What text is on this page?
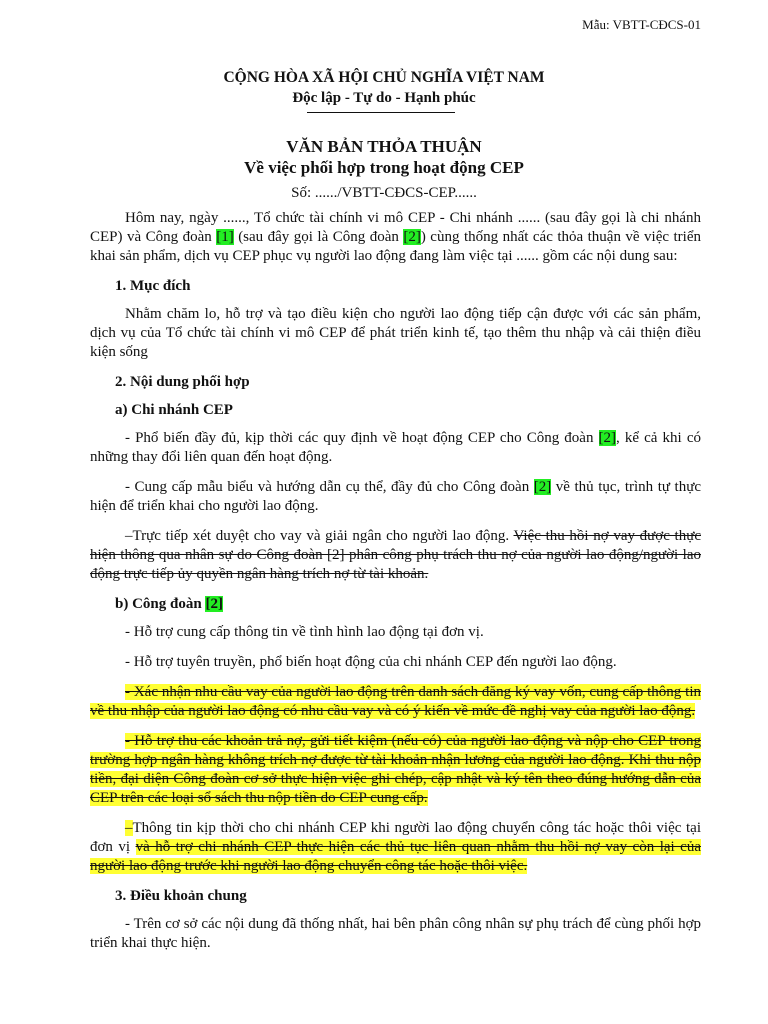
Mẫu: VBTT-CĐCS-01
CỘNG HÒA XÃ HỘI CHỦ NGHĨA VIỆT NAM
Độc lập - Tự do - Hạnh phúc
VĂN BẢN THỎA THUẬN
Về việc phối hợp trong hoạt động CEP
Số: ....../VBTT-CĐCS-CEP......

Hôm nay, ngày ......, Tổ chức tài chính vi mô CEP - Chi nhánh ...... (sau đây gọi là chi nhánh CEP) và Công đoàn [1] (sau đây gọi là Công đoàn [2]) cùng thống nhất các thỏa thuận về việc triển khai sản phẩm, dịch vụ CEP phục vụ người lao động đang làm việc tại ...... gồm các nội dung sau:

1. Mục đích

Nhằm chăm lo, hỗ trợ và tạo điều kiện cho người lao động tiếp cận được với các sản phẩm, dịch vụ của Tổ chức tài chính vi mô CEP để phát triển kinh tế, tạo thêm thu nhập và cải thiện điều kiện sống

2. Nội dung phối hợp
a) Chi nhánh CEP

- Phổ biến đầy đủ, kịp thời các quy định về hoạt động CEP cho Công đoàn [2], kể cả khi có những thay đổi liên quan đến hoạt động.

- Cung cấp mẫu biểu và hướng dẫn cụ thể, đầy đủ cho Công đoàn [2] về thủ tục, trình tự thực hiện để triển khai cho người lao động.

–Trực tiếp xét duyệt cho vay và giải ngân cho người lao động. Việc thu hồi nợ vay được thực hiện thông qua nhân sự do Công đoàn [2] phân công phụ trách thu nợ của người lao động/người lao động trực tiếp ủy quyền ngân hàng trích nợ từ tài khoản.

b) Công đoàn [2]

- Hỗ trợ cung cấp thông tin về tình hình lao động tại đơn vị.

- Hỗ trợ tuyên truyền, phổ biến hoạt động của chi nhánh CEP đến người lao động.

- Xác nhận nhu cầu vay của người lao động trên danh sách đăng ký vay vốn, cung cấp thông tin về thu nhập của người lao động có nhu cầu vay và có ý kiến về mức đề nghị vay của người lao động.

- Hỗ trợ thu các khoản trả nợ, gửi tiết kiệm (nếu có) của người lao động và nộp cho CEP trong trường hợp ngân hàng không trích nợ được từ tài khoản nhận lương của người lao động. Khi thu nộp tiền, đại diện Công đoàn cơ sở thực hiện việc ghi chép, cập nhật và ký tên theo đúng hướng dẫn của CEP trên các loại sổ sách thu nộp tiền do CEP cung cấp.

–Thông tin kịp thời cho chi nhánh CEP khi người lao động chuyển công tác hoặc thôi việc tại đơn vị và hỗ trợ chi nhánh CEP thực hiện các thủ tục liên quan nhằm thu hồi nợ vay còn lại của người lao động trước khi người lao động chuyển công tác hoặc thôi việc.

3. Điều khoản chung

- Trên cơ sở các nội dung đã thống nhất, hai bên phân công nhân sự phụ trách để cùng phối hợp triển khai thực hiện.
